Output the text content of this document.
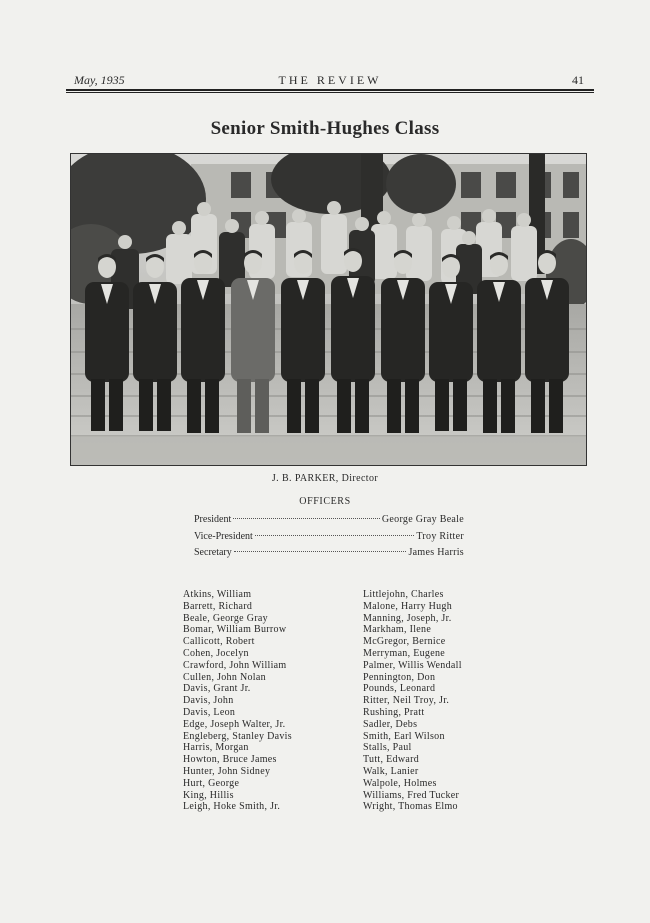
May, 1935	THE REVIEW	41
Senior Smith-Hughes Class
J. B. PARKER, Director
OFFICERS
President	George Gray Beale
Vice-President	Troy Ritter
Secretary	James Harris
Atkins, William
Barrett, Richard
Beale, George Gray
Bomar, William Burrow
Callicott, Robert
Cohen, Jocelyn
Crawford, John William
Cullen, John Nolan
Davis, Grant Jr.
Davis, John
Davis, Leon
Edge, Joseph Walter, Jr.
Engleberg, Stanley Davis
Harris, Morgan
Howton, Bruce James
Hunter, John Sidney
Hurt, George
King, Hillis
Leigh, Hoke Smith, Jr.
Littlejohn, Charles
Malone, Harry Hugh
Manning, Joseph, Jr.
Markham, Ilene
McGregor, Bernice
Merryman, Eugene
Palmer, Willis Wendall
Pennington, Don
Pounds, Leonard
Ritter, Neil Troy, Jr.
Rushing, Pratt
Sadler, Debs
Smith, Earl Wilson
Stalls, Paul
Tutt, Edward
Walk, Lanier
Walpole, Holmes
Williams, Fred Tucker
Wright, Thomas Elmo
